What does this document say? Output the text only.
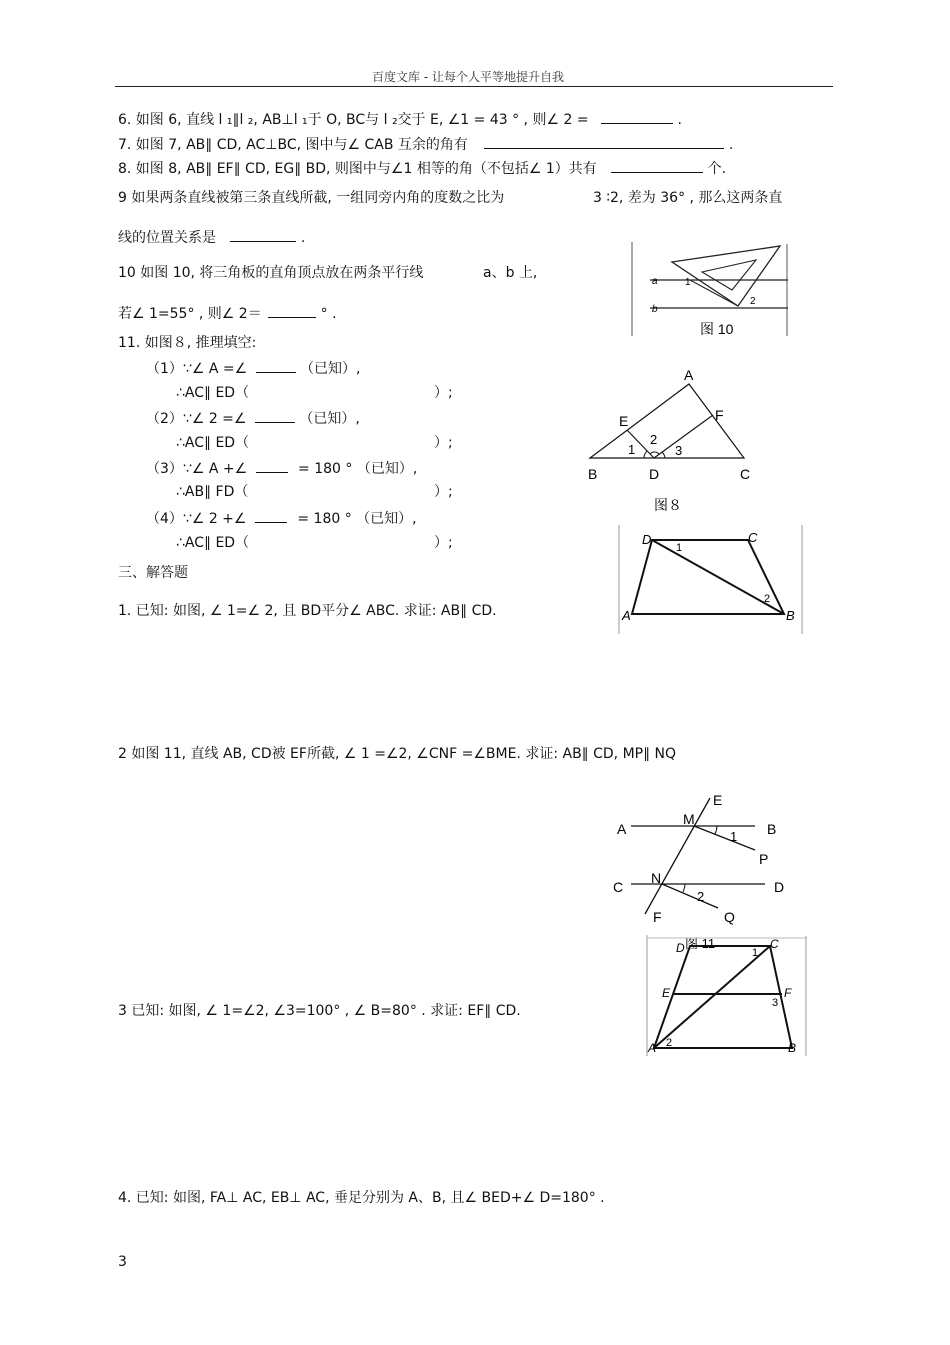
百度文库 - 让每个人平等地提升自我
6. 如图 6, 直线 l ₁∥l ₂, AB⊥l ₁于 O, BC与 l ₂交于 E, ∠1 = 43 ° , 则∠ 2 =	.
7. 如图 7, AB∥ CD, AC⊥BC, 图中与∠ CAB 互余的角有	.
8. 如图 8, AB∥ EF∥ CD, EG∥ BD, 则图中与∠1 相等的角（不包括∠ 1）共有	个.
9 如果两条直线被第三条直线所截, 一组同旁内角的度数之比为	3 ∶2, 差为 36° , 那么这两条直
线的位置关系是	.
10 如图 10, 将三角板的直角顶点放在两条平行线	a、b 上,
若∠ 1=55° , 则∠ 2＝	° .
a
b
1
2
图 10
11. 如图８, 推理填空:
（1）∵∠ A =∠	（已知）,
∴AC∥ ED（	）;
（2）∵∠ 2 =∠	（已知）,
∴AC∥ ED（	）;
（3）∵∠ A +∠	= 180 ° （已知）,
∴AB∥ FD（	）;
（4）∵∠ 2 +∠	= 180 ° （已知）,
∴AC∥ ED（	）;
A
E	F
2
1	3
B	D	C
图８
三、解答题
1. 已知: 如图, ∠ 1=∠ 2, 且 BD平分∠ ABC. 求证: AB∥ CD.
D	C
1
2
A	B
2 如图 11, 直线 AB, CD被 EF所截, ∠ 1 =∠2, ∠CNF =∠BME. 求证: AB∥ CD, MP∥ NQ
E
M
A	B
1
P
C
N
D
2
F	Q
图 11
3 已知: 如图, ∠ 1=∠2, ∠3=100° , ∠ B=80° . 求证: EF∥ CD.
D	C
1
E	F
3
A 2	B
4. 已知: 如图, FA⊥ AC, EB⊥ AC, 垂足分别为 A、B, 且∠ BED+∠ D=180° .
3
